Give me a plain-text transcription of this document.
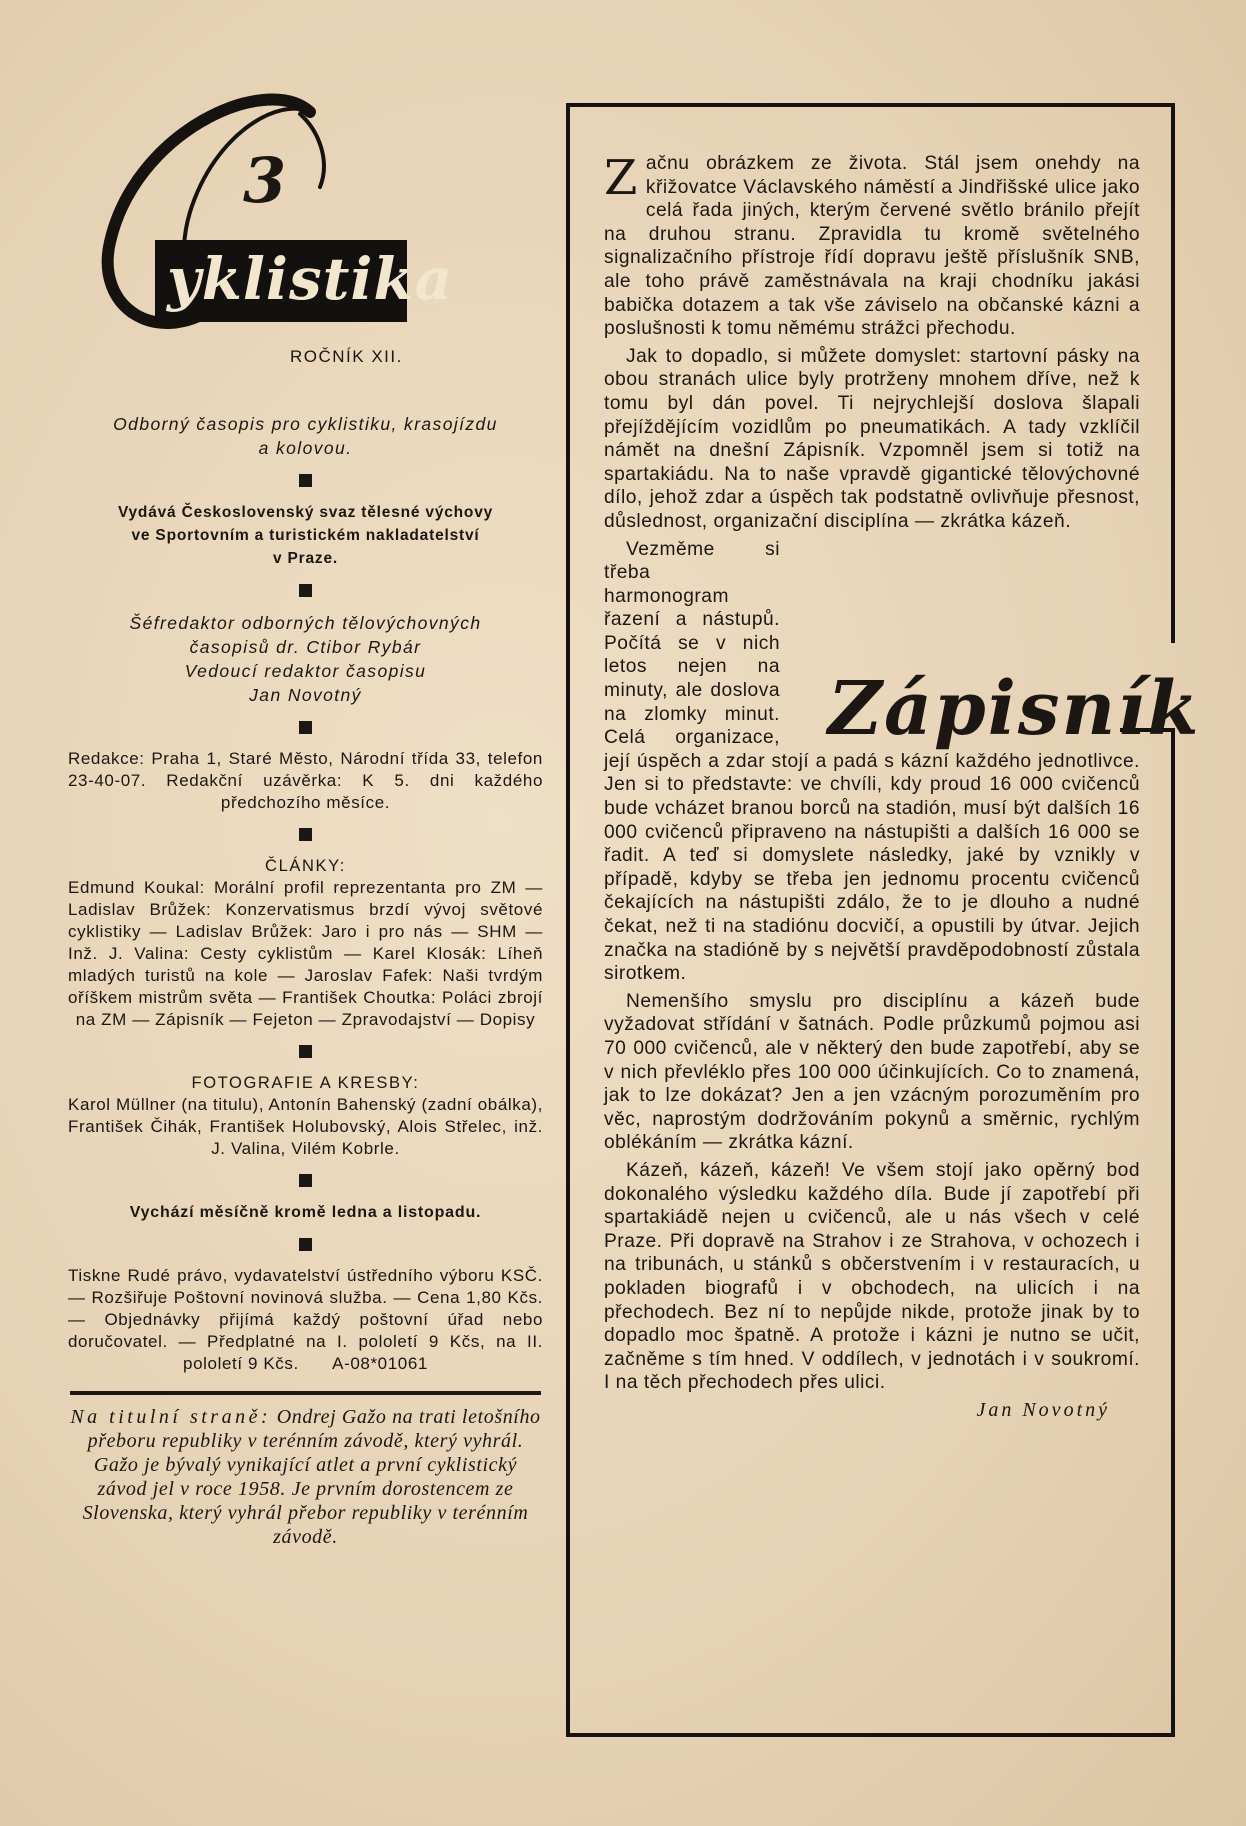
3
yklistika
ROČNÍK XII.

Odborný časopis pro cyklistiku, krasojízdu

a kolovou.

Vydává Československý svaz tělesné výchovy

ve Sportovním a turistickém nakladatelství

v Praze.

Šéfredaktor odborných tělovýchovných

časopisů dr. Ctibor Rybár

Vedoucí redaktor časopisu

Jan Novotný

Redakce: Praha 1, Staré Město, Národní třída 33, telefon 23-40-07. Redakční uzávěrka: K 5. dni každého předchozího měsíce.

ČLÁNKY:

Edmund Koukal: Morální profil reprezentanta pro ZM — Ladislav Brůžek: Konzervatismus brzdí vývoj světové cyklistiky — Ladislav Brůžek: Jaro i pro nás — SHM — Inž. J. Valina: Cesty cyklistům — Karel Klosák: Líheň mladých turistů na kole — Jaroslav Fafek: Naši tvrdým oříškem mistrům světa — František Choutka: Poláci zbrojí na ZM — Zápisník — Fejeton — Zpravodajství — Dopisy

FOTOGRAFIE A KRESBY:

Karol Müllner (na titulu), Antonín Bahenský (zadní obálka), František Čihák, František Holubovský, Alois Střelec, inž. J. Valina, Vilém Kobrle.

Vychází měsíčně kromě ledna a listopadu.

Tiskne Rudé právo, vydavatelství ústředního výboru KSČ. — Rozšiřuje Poštovní novinová služba. — Cena 1,80 Kčs. — Objednávky přijímá každý poštovní úřad nebo doručovatel. — Předplatné na I. pololetí 9 Kčs, na II. pololetí 9 Kčs. A-08*01061

Na titulní straně: Ondrej Gažo na trati letošního přeboru republiky v terénním závodě, který vyhrál. Gažo je bývalý vynikající atlet a první cyklistický závod jel v roce 1958. Je prvním dorostencem ze Slovenska, který vyhrál přebor republiky v terénním závodě.

Začnu obrázkem ze života. Stál jsem onehdy na křižovatce Václavského náměstí a Jindřišské ulice jako celá řada jiných, kterým červené světlo bránilo přejít na druhou stranu. Zpravidla tu kromě světelného signalizačního přístroje řídí dopravu ještě příslušník SNB, ale toho právě zaměstnávala na kraji chodníku jakási babička dotazem a tak vše záviselo na občanské kázni a poslušnosti k tomu němému strážci přechodu.

Jak to dopadlo, si můžete domyslet: startovní pásky na obou stranách ulice byly protrženy mnohem dříve, než k tomu byl dán povel. Ti nejrychlejší doslova šlapali přejíždějícím vozidlům po pneumatikách. A tady vzklíčil námět na dnešní Zápisník. Vzpomněl jsem si totiž na spartakiádu. Na to naše vpravdě gigantické tělovýchovné dílo, jehož zdar a úspěch tak podstatně ovlivňuje přesnost, důslednost, organizační disciplína — zkrátka kázeň.

Vezměme si třeba harmonogram řazení a nástupů. Počítá se v nich letos nejen na minuty, ale doslova na zlomky minut. Celá organizace, její úspěch a zdar stojí a padá s kázní každého jednotlivce. Jen si to představte: ve chvíli, kdy proud 16 000 cvičenců bude vcházet branou borců na stadión, musí být dalších 16 000 cvičenců připraveno na nástupišti a dalších 16 000 se řadit. A teď si domyslete následky, jaké by vznikly v případě, kdyby se třeba jen jednomu procentu cvičenců čekajících na nástupišti zdálo, že to je dlouho a nudné čekat, než ti na stadiónu docvičí, a opustili by útvar. Jejich značka na stadióně by s největší pravděpodobností zůstala sirotkem.

Nemenšího smyslu pro disciplínu a kázeň bude vyžadovat střídání v šatnách. Podle průzkumů pojmou asi 70 000 cvičenců, ale v některý den bude zapotřebí, aby se v nich převléklo přes 100 000 účinkujících. Co to znamená, jak to lze dokázat? Jen a jen vzácným porozuměním pro věc, naprostým dodržováním pokynů a směrnic, rychlým oblékáním — zkrátka kázní.

Kázeň, kázeň, kázeň! Ve všem stojí jako opěrný bod dokonalého výsledku každého díla. Bude jí zapotřebí při spartakiádě nejen u cvičenců, ale u nás všech v celé Praze. Při dopravě na Strahov i ze Strahova, v ochozech i na tribunách, u stánků s občerstvením i v restauracích, u pokladen biografů i v obchodech, na ulicích i na přechodech. Bez ní to nepůjde nikde, protože jinak by to dopadlo moc špatně. A protože i kázni je nutno se učit, začněme s tím hned. V oddílech, v jednotách i v soukromí. I na těch přechodech přes ulici.

Jan Novotný
Zápisník
